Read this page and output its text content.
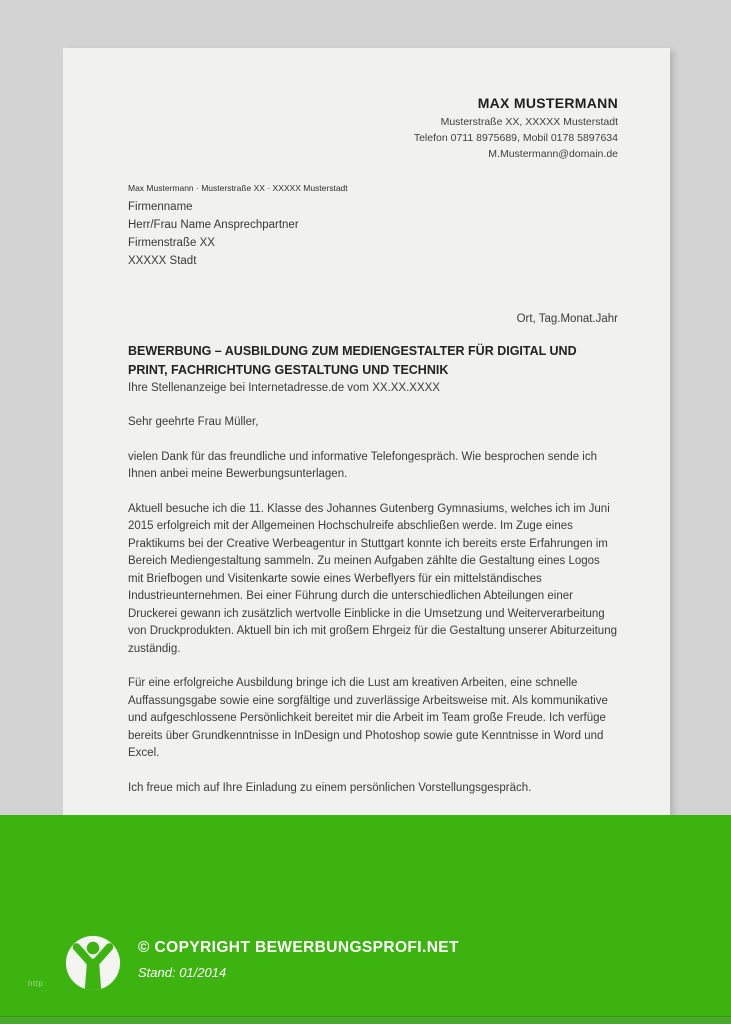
MAX MUSTERMANN
Musterstraße XX, XXXXX Musterstadt
Telefon 0711 8975689, Mobil 0178 5897634
M.Mustermann@domain.de
Max Mustermann · Musterstraße XX · XXXXX Musterstadt
Firmenname
Herr/Frau Name Ansprechpartner
Firmenstraße XX
XXXXX Stadt
Ort, Tag.Monat.Jahr
BEWERBUNG – AUSBILDUNG ZUM MEDIENGESTALTER FÜR DIGITAL UND PRINT, FACHRICHTUNG GESTALTUNG UND TECHNIK
Ihre Stellenanzeige bei Internetadresse.de vom XX.XX.XXXX
Sehr geehrte Frau Müller,

vielen Dank für das freundliche und informative Telefongespräch. Wie besprochen sende ich Ihnen anbei meine Bewerbungsunterlagen.

Aktuell besuche ich die 11. Klasse des Johannes Gutenberg Gymnasiums, welches ich im Juni 2015 erfolgreich mit der Allgemeinen Hochschulreife abschließen werde. Im Zuge eines Praktikums bei der Creative Werbeagentur in Stuttgart konnte ich bereits erste Erfahrungen im Bereich Mediengestaltung sammeln. Zu meinen Aufgaben zählte die Gestaltung eines Logos mit Briefbogen und Visitenkarte sowie eines Werbeflyers für ein mittelständisches Industrieunternehmen. Bei einer Führung durch die unterschiedlichen Abteilungen einer Druckerei gewann ich zusätzlich wertvolle Einblicke in die Umsetzung und Weiterverarbeitung von Druckprodukten. Aktuell bin ich mit großem Ehrgeiz für die Gestaltung unserer Abiturzeitung zuständig.

Für eine erfolgreiche Ausbildung bringe ich die Lust am kreativen Arbeiten, eine schnelle Auffassungsgabe sowie eine sorgfältige und zuverlässige Arbeitsweise mit. Als kommunikative und aufgeschlossene Persönlichkeit bereitet mir die Arbeit im Team große Freude. Ich verfüge bereits über Grundkenntnisse in InDesign und Photoshop sowie gute Kenntnisse in Word und Excel.

Ich freue mich auf Ihre Einladung zu einem persönlichen Vorstellungsgespräch.

© COPYRIGHT BEWERBUNGSPROFI.NET
Stand: 01/2014
http
